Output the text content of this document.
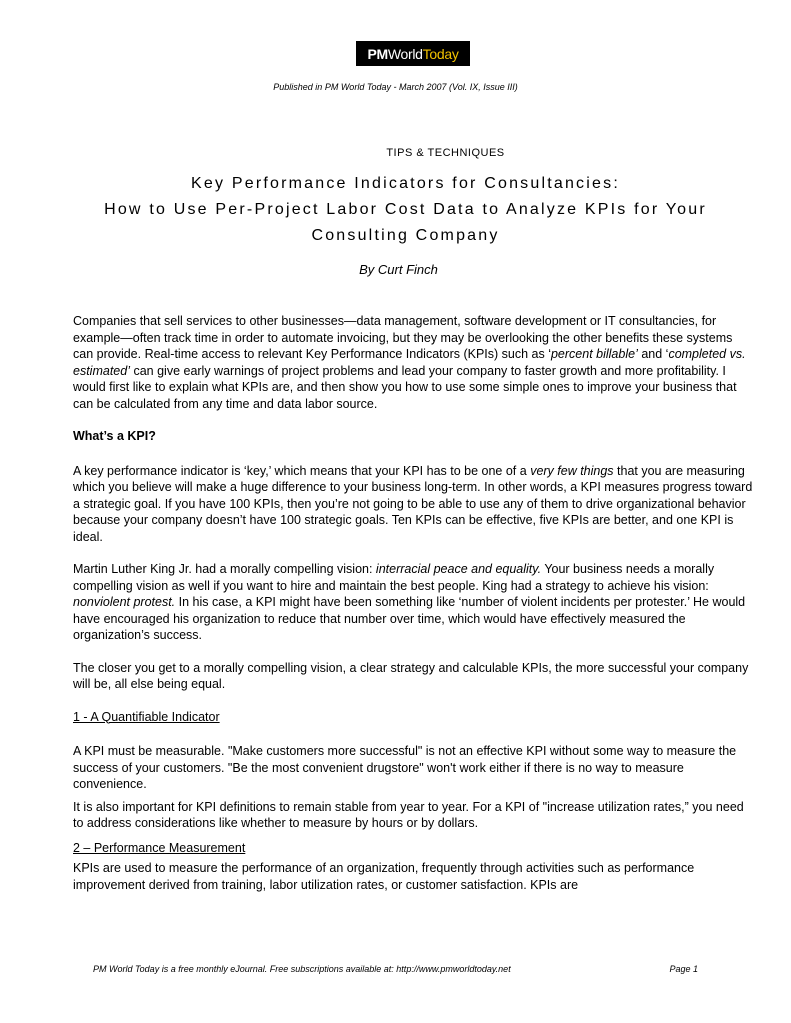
PM World Today
Published in PM World Today - March 2007 (Vol. IX, Issue III)
TIPS & TECHNIQUES
Key Performance Indicators for Consultancies:
How to Use Per-Project Labor Cost Data to Analyze KPIs for Your
Consulting Company
By Curt Finch

Companies that sell services to other businesses—data management, software development or IT consultancies, for example—often track time in order to automate invoicing, but they may be overlooking the other benefits these systems can provide. Real-time access to relevant Key Performance Indicators (KPIs) such as ‘percent billable’ and ‘completed vs. estimated’ can give early warnings of project problems and lead your company to faster growth and more profitability. I would first like to explain what KPIs are, and then show you how to use some simple ones to improve your business that can be calculated from any time and data labor source.

What’s a KPI?

A key performance indicator is ‘key,’ which means that your KPI has to be one of a very few things that you are measuring which you believe will make a huge difference to your business long-term. In other words, a KPI measures progress toward a strategic goal. If you have 100 KPIs, then you’re not going to be able to use any of them to drive organizational behavior because your company doesn’t have 100 strategic goals. Ten KPIs can be effective, five KPIs are better, and one KPI is ideal.

Martin Luther King Jr. had a morally compelling vision: interracial peace and equality. Your business needs a morally compelling vision as well if you want to hire and maintain the best people. King had a strategy to achieve his vision: nonviolent protest. In his case, a KPI might have been something like ‘number of violent incidents per protester.’ He would have encouraged his organization to reduce that number over time, which would have effectively measured the organization’s success.

The closer you get to a morally compelling vision, a clear strategy and calculable KPIs, the more successful your company will be, all else being equal.

1 - A Quantifiable Indicator

A KPI must be measurable. "Make customers more successful" is not an effective KPI without some way to measure the success of your customers. "Be the most convenient drugstore" won't work either if there is no way to measure convenience.

It is also important for KPI definitions to remain stable from year to year. For a KPI of "increase utilization rates,” you need to address considerations like whether to measure by hours or by dollars.

2 – Performance Measurement

KPIs are used to measure the performance of an organization, frequently through activities such as performance improvement derived from training, labor utilization rates, or customer satisfaction. KPIs are

PM World Today is a free monthly eJournal. Free subscriptions available at: http://www.pmworldtoday.net	Page 1
